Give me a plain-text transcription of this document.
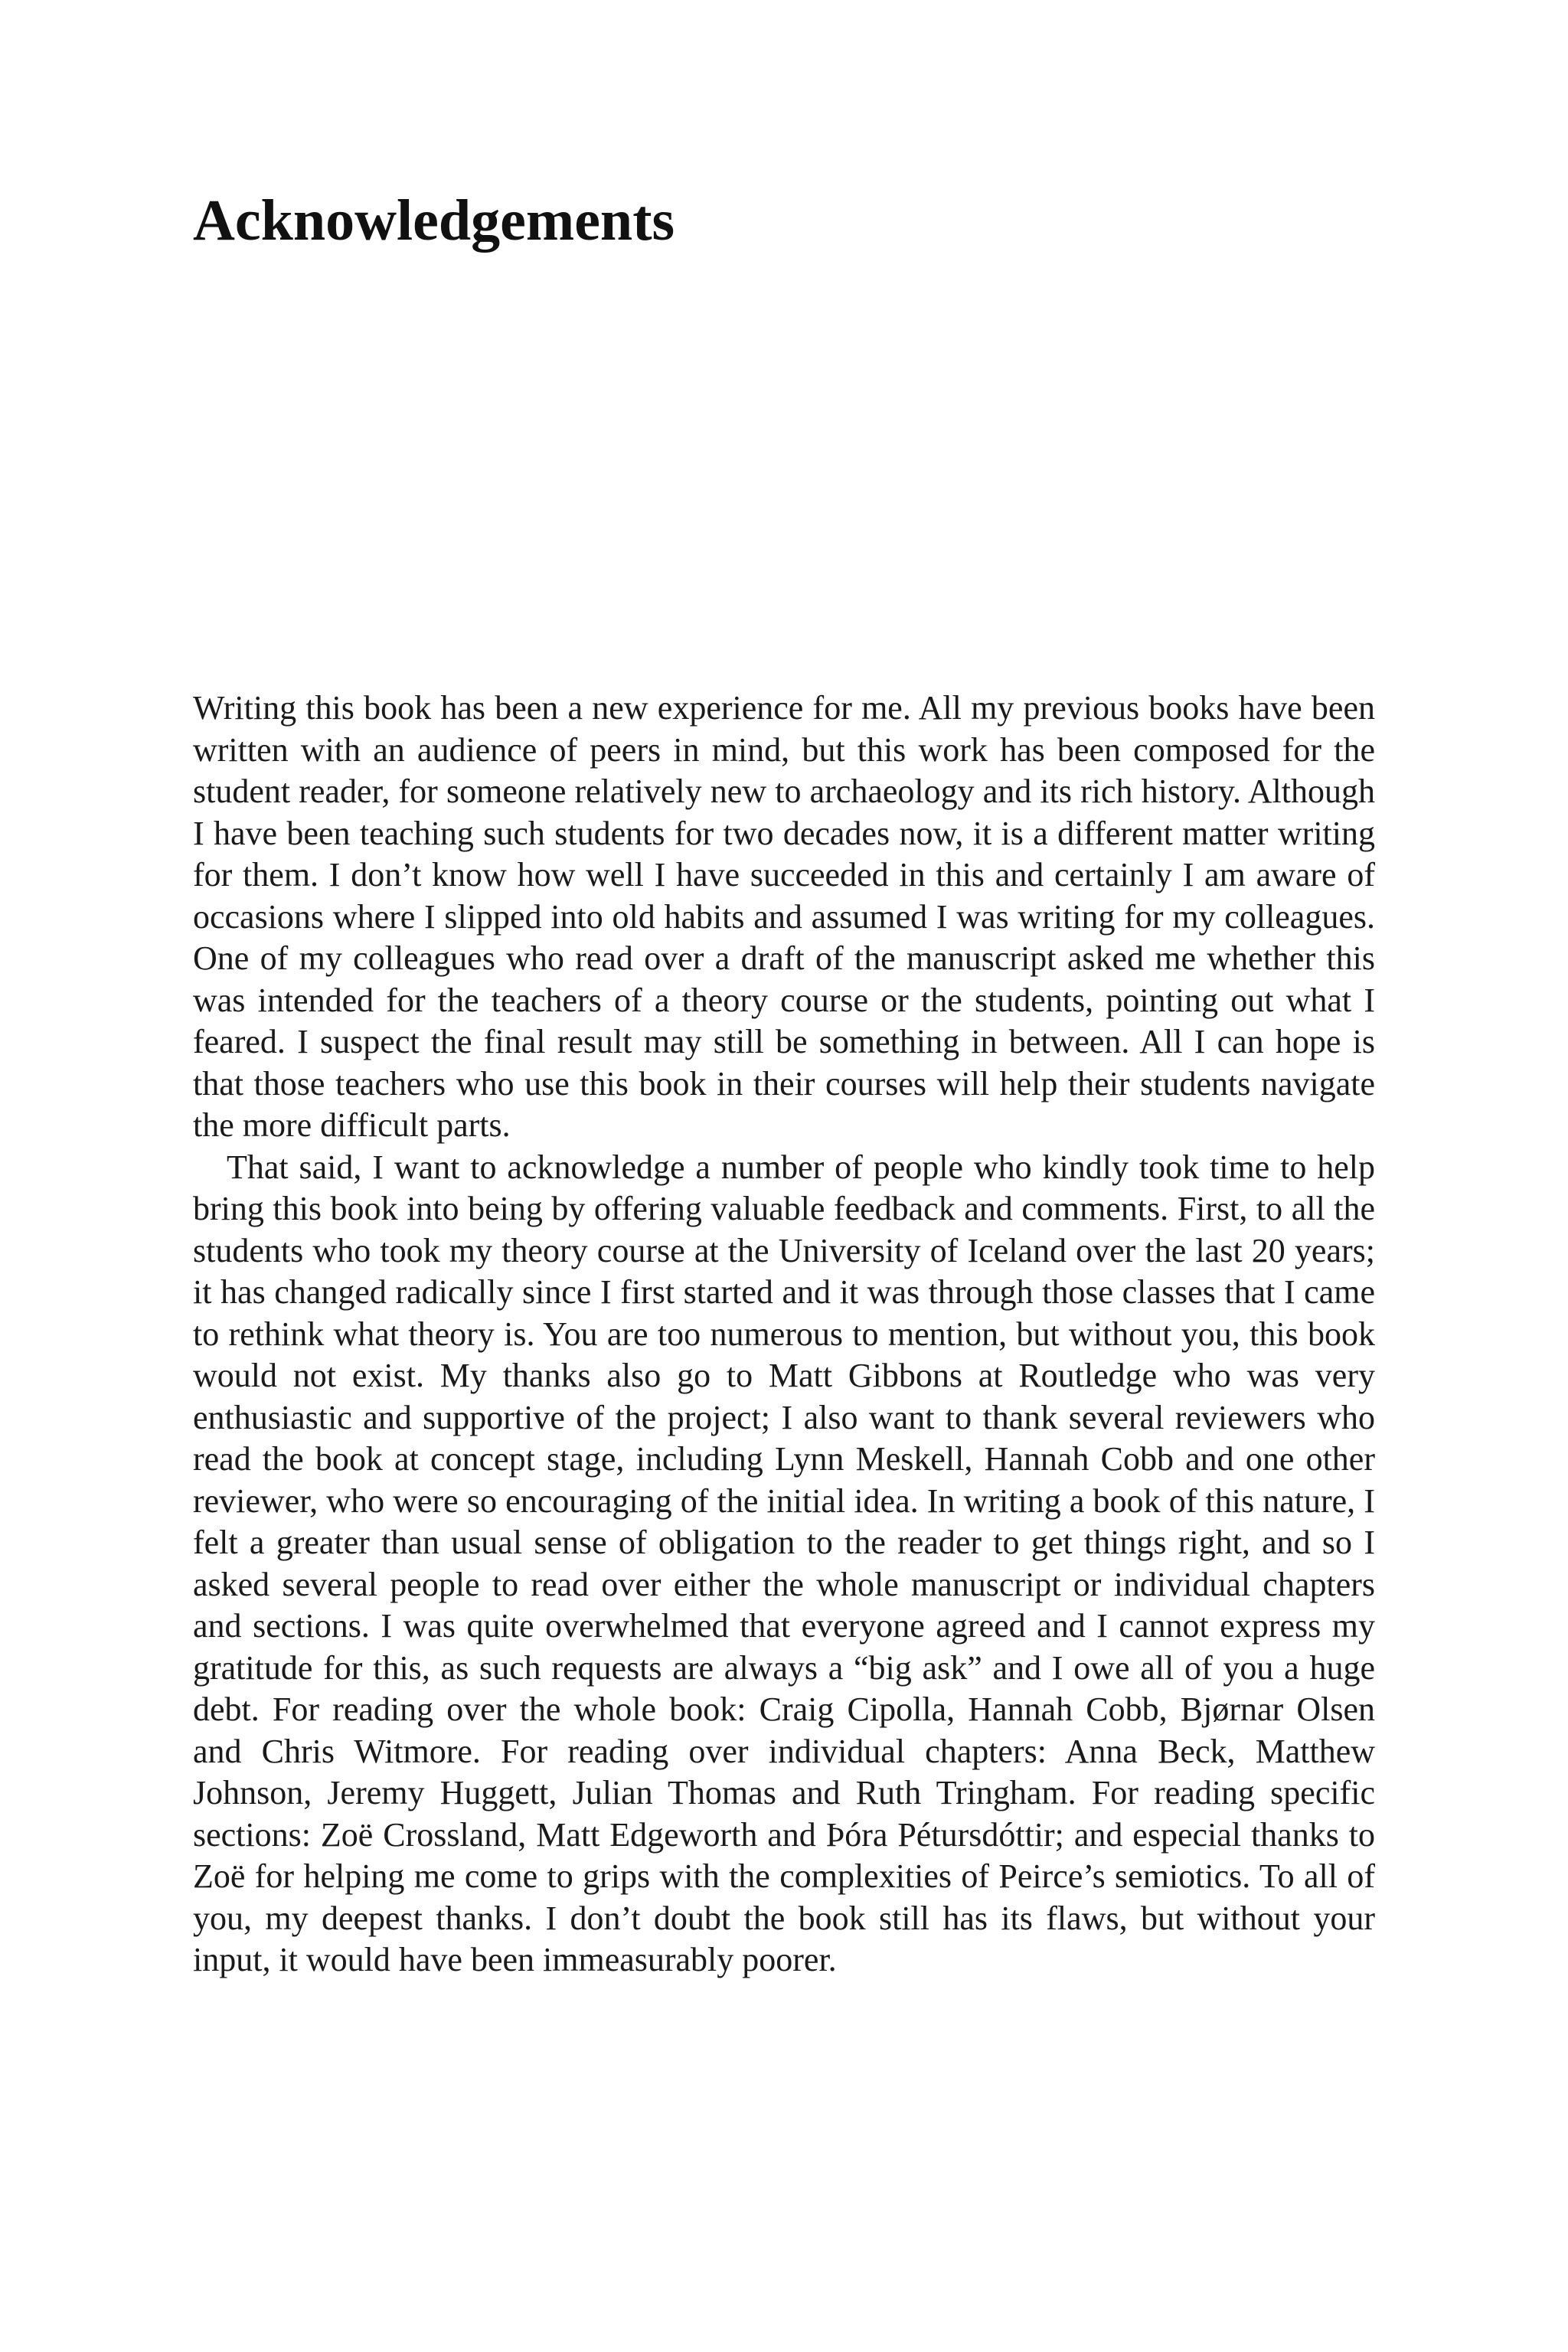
Acknowledgements

Writing this book has been a new experience for me. All my previous books have been written with an audience of peers in mind, but this work has been composed for the student reader, for someone relatively new to archaeology and its rich history. Although I have been teaching such students for two decades now, it is a different matter writing for them. I don’t know how well I have succeeded in this and certainly I am aware of occasions where I slipped into old habits and assumed I was writing for my colleagues. One of my colleagues who read over a draft of the manuscript asked me whether this was intended for the teachers of a theory course or the students, pointing out what I feared. I suspect the final result may still be something in between. All I can hope is that those teachers who use this book in their courses will help their students navigate the more difficult parts.

That said, I want to acknowledge a number of people who kindly took time to help bring this book into being by offering valuable feedback and comments. First, to all the students who took my theory course at the University of Iceland over the last 20 years; it has changed radically since I first started and it was through those classes that I came to rethink what theory is. You are too numerous to mention, but without you, this book would not exist. My thanks also go to Matt Gibbons at Routledge who was very enthusiastic and supportive of the project; I also want to thank several reviewers who read the book at concept stage, including Lynn Meskell, Hannah Cobb and one other reviewer, who were so encouraging of the initial idea. In writing a book of this nature, I felt a greater than usual sense of obligation to the reader to get things right, and so I asked several people to read over either the whole manuscript or individual chapters and sections. I was quite overwhelmed that everyone agreed and I cannot express my gratitude for this, as such requests are always a “big ask” and I owe all of you a huge debt. For reading over the whole book: Craig Cipolla, Hannah Cobb, Bjørnar Olsen and Chris Witmore. For reading over individual chapters: Anna Beck, Matthew Johnson, Jeremy Huggett, Julian Thomas and Ruth Tringham. For reading specific sections: Zoë Crossland, Matt Edgeworth and Þóra Pétursdóttir; and especial thanks to Zoë for helping me come to grips with the complexities of Peirce’s semiotics. To all of you, my deepest thanks. I don’t doubt the book still has its flaws, but without your input, it would have been immeasurably poorer.
